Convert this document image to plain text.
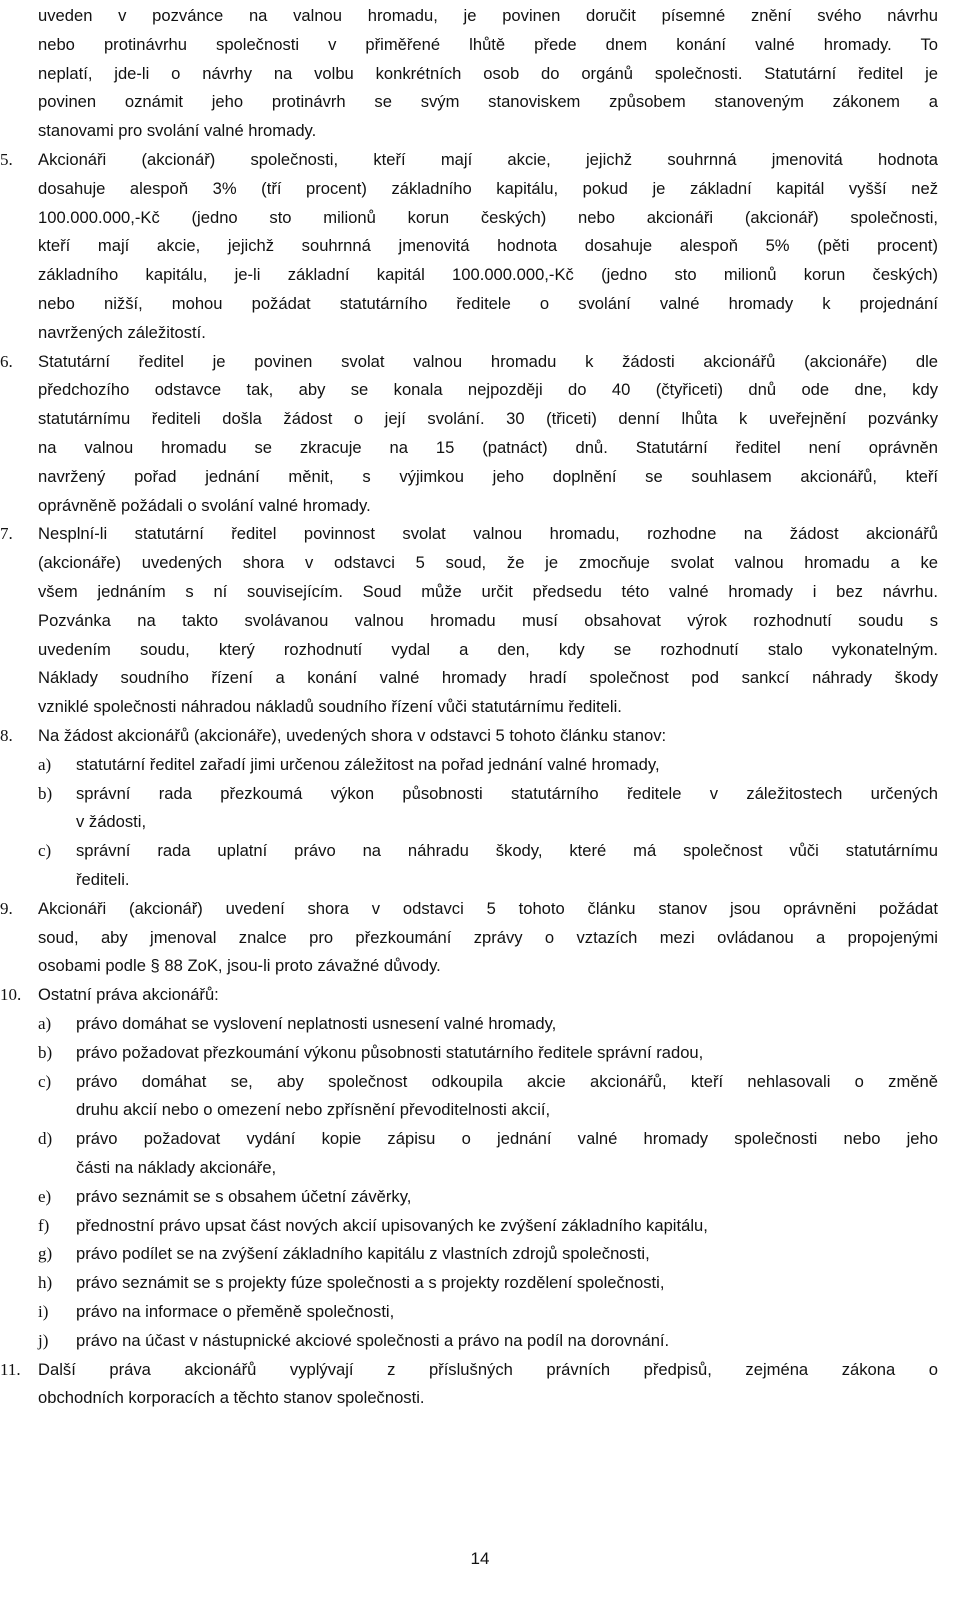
uveden v pozvánce na valnou hromadu, je povinen doručit písemné znění svého návrhu
nebo protinávrhu společnosti v přiměřené lhůtě přede dnem konání valné hromady. To
neplatí, jde-li o návrhy na volbu konkrétních osob do orgánů společnosti. Statutární ředitel je
povinen oznámit jeho protinávrh se svým stanoviskem způsobem stanoveným zákonem a
stanovami pro svolání valné hromady.
5.	Akcionáři (akcionář) společnosti, kteří mají akcie, jejichž souhrnná jmenovitá hodnota
dosahuje alespoň 3% (tří procent) základního kapitálu, pokud je základní kapitál vyšší než
100.000.000,-Kč (jedno sto milionů korun českých) nebo akcionáři (akcionář) společnosti,
kteří mají akcie, jejichž souhrnná jmenovitá hodnota dosahuje alespoň 5% (pěti procent)
základního kapitálu, je-li základní kapitál 100.000.000,-Kč (jedno sto milionů korun českých)
nebo nižší, mohou požádat statutárního ředitele o svolání valné hromady k projednání
navržených záležitostí.
6.	Statutární ředitel je povinen svolat valnou hromadu k žádosti akcionářů (akcionáře) dle
předchozího odstavce tak, aby se konala nejpozději do 40 (čtyřiceti) dnů ode dne, kdy
statutárnímu řediteli došla žádost o její svolání. 30 (třiceti) denní lhůta k uveřejnění pozvánky
na valnou hromadu se zkracuje na 15 (patnáct) dnů. Statutární ředitel není oprávněn
navržený pořad jednání měnit, s výjimkou jeho doplnění se souhlasem akcionářů, kteří
oprávněně požádali o svolání valné hromady.
7.	Nesplní-li statutární ředitel povinnost svolat valnou hromadu, rozhodne na žádost akcionářů
(akcionáře) uvedených shora v odstavci 5 soud, že je zmocňuje svolat valnou hromadu a ke
všem jednáním s ní souvisejícím. Soud může určit předsedu této valné hromady i bez návrhu.
Pozvánka na takto svolávanou valnou hromadu musí obsahovat výrok rozhodnutí soudu s
uvedením soudu, který rozhodnutí vydal a den, kdy se rozhodnutí stalo vykonatelným.
Náklady soudního řízení a konání valné hromady hradí společnost pod sankcí náhrady škody
vzniklé společnosti náhradou nákladů soudního řízení vůči statutárnímu řediteli.
8.	Na žádost akcionářů (akcionáře), uvedených shora v odstavci 5 tohoto článku stanov:
a)	statutární ředitel zařadí jimi určenou záležitost na pořad jednání valné hromady,
b)	správní rada přezkoumá výkon působnosti statutárního ředitele v záležitostech určených
v žádosti,
c)	správní rada uplatní právo na náhradu škody, které má společnost vůči statutárnímu
řediteli.
9.	Akcionáři (akcionář) uvedení shora v odstavci 5 tohoto článku stanov jsou oprávněni požádat
soud, aby jmenoval znalce pro přezkoumání zprávy o vztazích mezi ovládanou a propojenými
osobami podle § 88 ZoK, jsou-li proto závažné důvody.
10.	Ostatní práva akcionářů:
a)	právo domáhat se vyslovení neplatnosti usnesení valné hromady,
b)	právo požadovat přezkoumání výkonu působnosti statutárního ředitele správní radou,
c)	právo domáhat se, aby společnost odkoupila akcie akcionářů, kteří nehlasovali o změně
druhu akcií nebo o omezení nebo zpřísnění převoditelnosti akcií,
d)	právo požadovat vydání kopie zápisu o jednání valné hromady společnosti nebo jeho
části na náklady akcionáře,
e)	právo seznámit se s obsahem účetní závěrky,
f)	přednostní právo upsat část nových akcií upisovaných ke zvýšení základního kapitálu,
g)	právo podílet se na zvýšení základního kapitálu z vlastních zdrojů společnosti,
h)	právo seznámit se s projekty fúze společnosti a s projekty rozdělení společnosti,
i)	právo na informace o přeměně společnosti,
j)	právo na účast v nástupnické akciové společnosti a právo na podíl na dorovnání.
11.	Další práva akcionářů vyplývají z příslušných právních předpisů, zejména zákona o
obchodních korporacích a těchto stanov společnosti.
14
